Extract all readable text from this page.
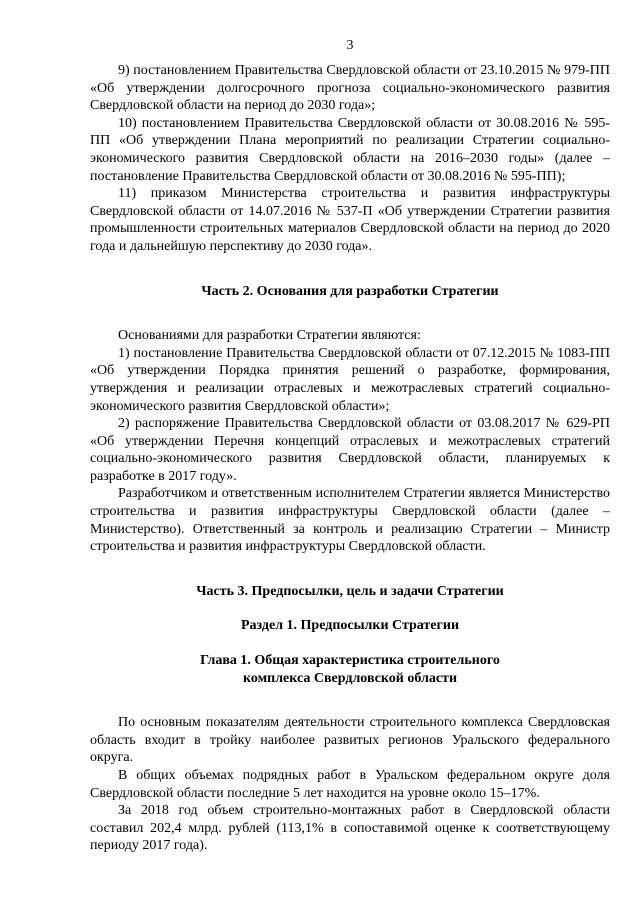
3

9) постановлением Правительства Свердловской области от 23.10.2015 № 979-ПП «Об утверждении долгосрочного прогноза социально-экономического развития Свердловской области на период до 2030 года»;

10) постановлением Правительства Свердловской области от 30.08.2016 № 595-ПП «Об утверждении Плана мероприятий по реализации Стратегии социально-экономического развития Свердловской области на 2016–2030 годы» (далее – постановление Правительства Свердловской области от 30.08.2016 № 595-ПП);

11) приказом Министерства строительства и развития инфраструктуры Свердловской области от 14.07.2016 № 537-П «Об утверждении Стратегии развития промышленности строительных материалов Свердловской области на период до 2020 года и дальнейшую перспективу до 2030 года».

Часть 2. Основания для разработки Стратегии

Основаниями для разработки Стратегии являются:

1) постановление Правительства Свердловской области от 07.12.2015 № 1083-ПП «Об утверждении Порядка принятия решений о разработке, формирования, утверждения и реализации отраслевых и межотраслевых стратегий социально-экономического развития Свердловской области»;

2) распоряжение Правительства Свердловской области от 03.08.2017 № 629-РП «Об утверждении Перечня концепций отраслевых и межотраслевых стратегий социально-экономического развития Свердловской области, планируемых к разработке в 2017 году».

Разработчиком и ответственным исполнителем Стратегии является Министерство строительства и развития инфраструктуры Свердловской области (далее – Министерство). Ответственный за контроль и реализацию Стратегии – Министр строительства и развития инфраструктуры Свердловской области.

Часть 3. Предпосылки, цель и задачи Стратегии

Раздел 1. Предпосылки Стратегии

Глава 1. Общая характеристика строительного

комплекса Свердловской области

По основным показателям деятельности строительного комплекса Свердловская область входит в тройку наиболее развитых регионов Уральского федерального округа.

В общих объемах подрядных работ в Уральском федеральном округе доля Свердловской области последние 5 лет находится на уровне около 15–17%.

За 2018 год объем строительно-монтажных работ в Свердловской области составил 202,4 млрд. рублей (113,1% в сопоставимой оценке к соответствующему периоду 2017 года).
